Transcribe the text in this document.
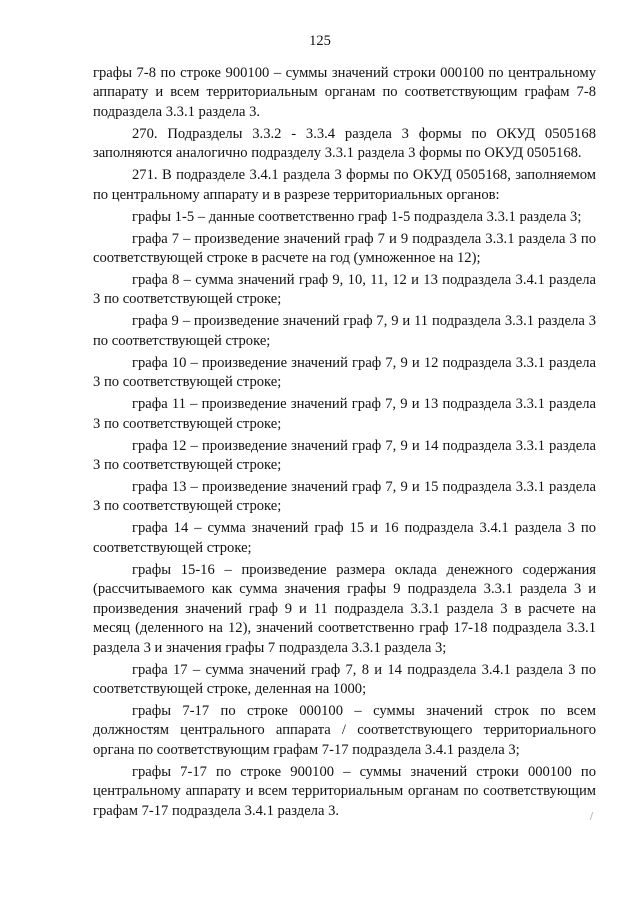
125

графы 7-8 по строке 900100 – суммы значений строки 000100 по центральному аппарату и всем территориальным органам по соответствующим графам 7-8 подраздела 3.3.1 раздела 3.

270. Подразделы 3.3.2 - 3.3.4 раздела 3 формы по ОКУД 0505168 заполняются аналогично подразделу 3.3.1 раздела 3 формы по ОКУД 0505168.

271. В подразделе 3.4.1 раздела 3 формы по ОКУД 0505168, заполняемом по центральному аппарату и в разрезе территориальных органов:

графы 1-5 – данные соответственно граф 1-5 подраздела 3.3.1 раздела 3;

графа 7 – произведение значений граф 7 и 9 подраздела 3.3.1 раздела 3 по соответствующей строке в расчете на год (умноженное на 12);

графа 8 – сумма значений граф 9, 10, 11, 12 и 13 подраздела 3.4.1 раздела 3 по соответствующей строке;

графа 9 – произведение значений граф 7, 9 и 11 подраздела 3.3.1 раздела 3 по соответствующей строке;

графа 10 – произведение значений граф 7, 9 и 12 подраздела 3.3.1 раздела 3 по соответствующей строке;

графа 11 – произведение значений граф 7, 9 и 13 подраздела 3.3.1 раздела 3 по соответствующей строке;

графа 12 – произведение значений граф 7, 9 и 14 подраздела 3.3.1 раздела 3 по соответствующей строке;

графа 13 – произведение значений граф 7, 9 и 15 подраздела 3.3.1 раздела 3 по соответствующей строке;

графа 14 – сумма значений граф 15 и 16 подраздела 3.4.1 раздела 3 по соответствующей строке;

графы 15-16 – произведение размера оклада денежного содержания (рассчитываемого как сумма значения графы 9 подраздела 3.3.1 раздела 3 и произведения значений граф 9 и 11 подраздела 3.3.1 раздела 3 в расчете на месяц (деленного на 12), значений соответственно граф 17-18 подраздела 3.3.1 раздела 3 и значения графы 7 подраздела 3.3.1 раздела 3;

графа 17 – сумма значений граф 7, 8 и 14 подраздела 3.4.1 раздела 3 по соответствующей строке, деленная на 1000;

графы 7-17 по строке 000100 – суммы значений строк по всем должностям центрального аппарата / соответствующего территориального органа по соответствующим графам 7-17 подраздела 3.4.1 раздела 3;

графы 7-17 по строке 900100 – суммы значений строки 000100 по центральному аппарату и всем территориальным органам по соответствующим графам 7-17 подраздела 3.4.1 раздела 3.
